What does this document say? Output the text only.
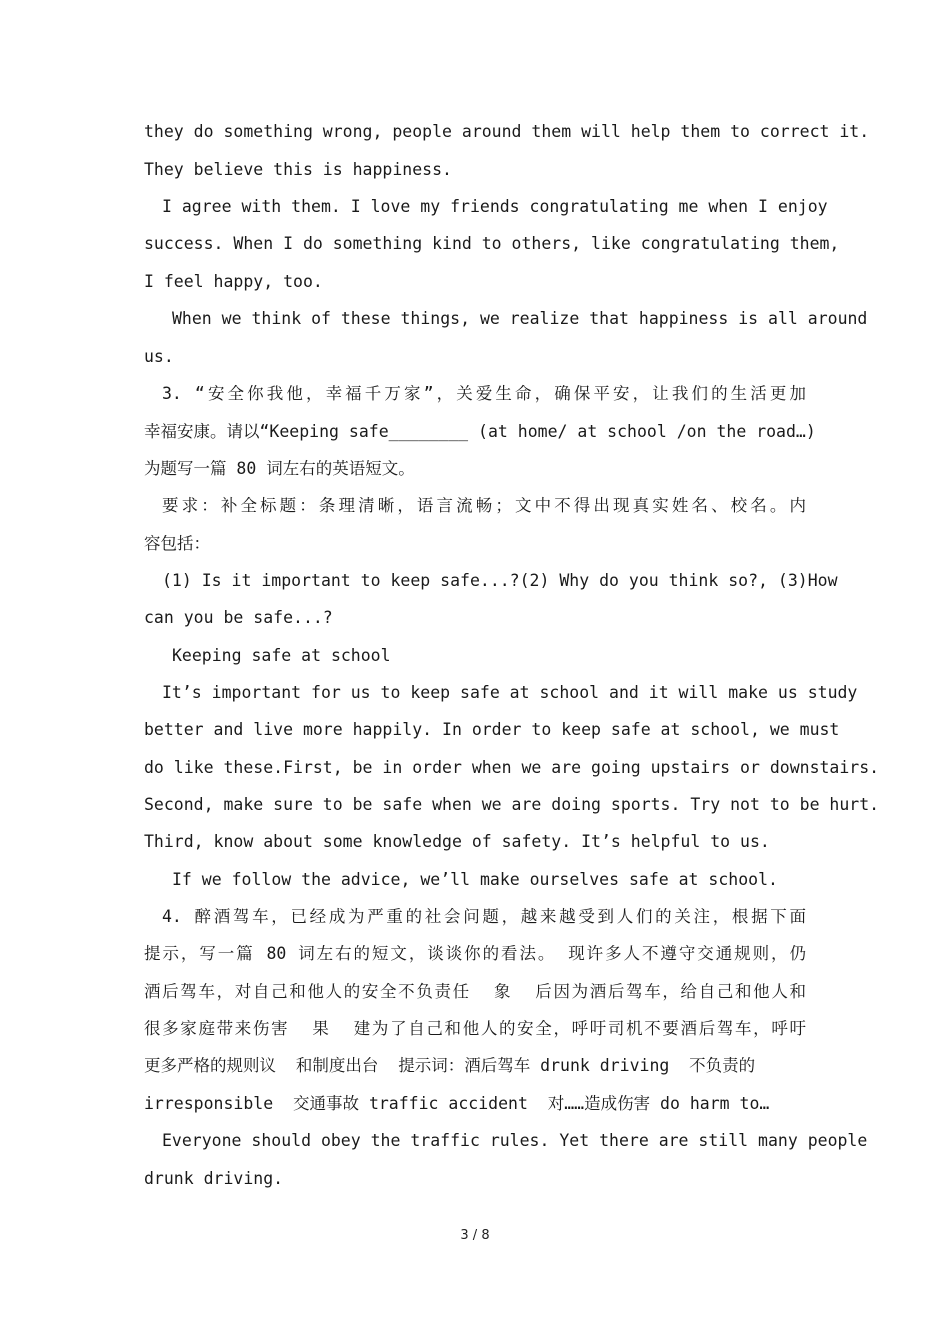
they do something wrong, people around them will help them to correct it.
They believe this is happiness.
I agree with them. I love my friends congratulating me when I enjoy
success. When I do something kind to others, like congratulating them,
I feel happy, too.
When we think of these things, we realize that happiness is all around
us.
3. “安全你我他，幸福千万家”，关爱生命，确保平安，让我们的生活更加
幸福安康。请以“Keeping safe________ (at home/ at school /on the road…)
为题写一篇 80 词左右的英语短文。
要求：补全标题：条理清晰，语言流畅；文中不得出现真实姓名、校名。内
容包括：
(1) Is it important to keep safe...?(2) Why do you think so?, (3)How
can you be safe...?
Keeping safe at school
It’s important for us to keep safe at school and it will make us study
better and live more happily. In order to keep safe at school, we must
do like these.First, be in order when we are going upstairs or downstairs.
Second, make sure to be safe when we are doing sports. Try not to be hurt.
Third, know about some knowledge of safety. It’s helpful to us.
If we follow the advice, we’ll make ourselves safe at school.
4. 醉酒驾车，已经成为严重的社会问题，越来越受到人们的关注，根据下面
提示，写一篇 80 词左右的短文，谈谈你的看法。 现许多人不遵守交通规则，仍
酒后驾车，对自己和他人的安全不负责任  象  后因为酒后驾车，给自己和他人和
很多家庭带来伤害  果  建为了自己和他人的安全，呼吁司机不要酒后驾车，呼吁
更多严格的规则议  和制度出台  提示词：酒后驾车 drunk driving  不负责的
irresponsible  交通事故 traffic accident  对……造成伤害 do harm to…
Everyone should obey the traffic rules. Yet there are still many people
drunk driving.
3 / 8
